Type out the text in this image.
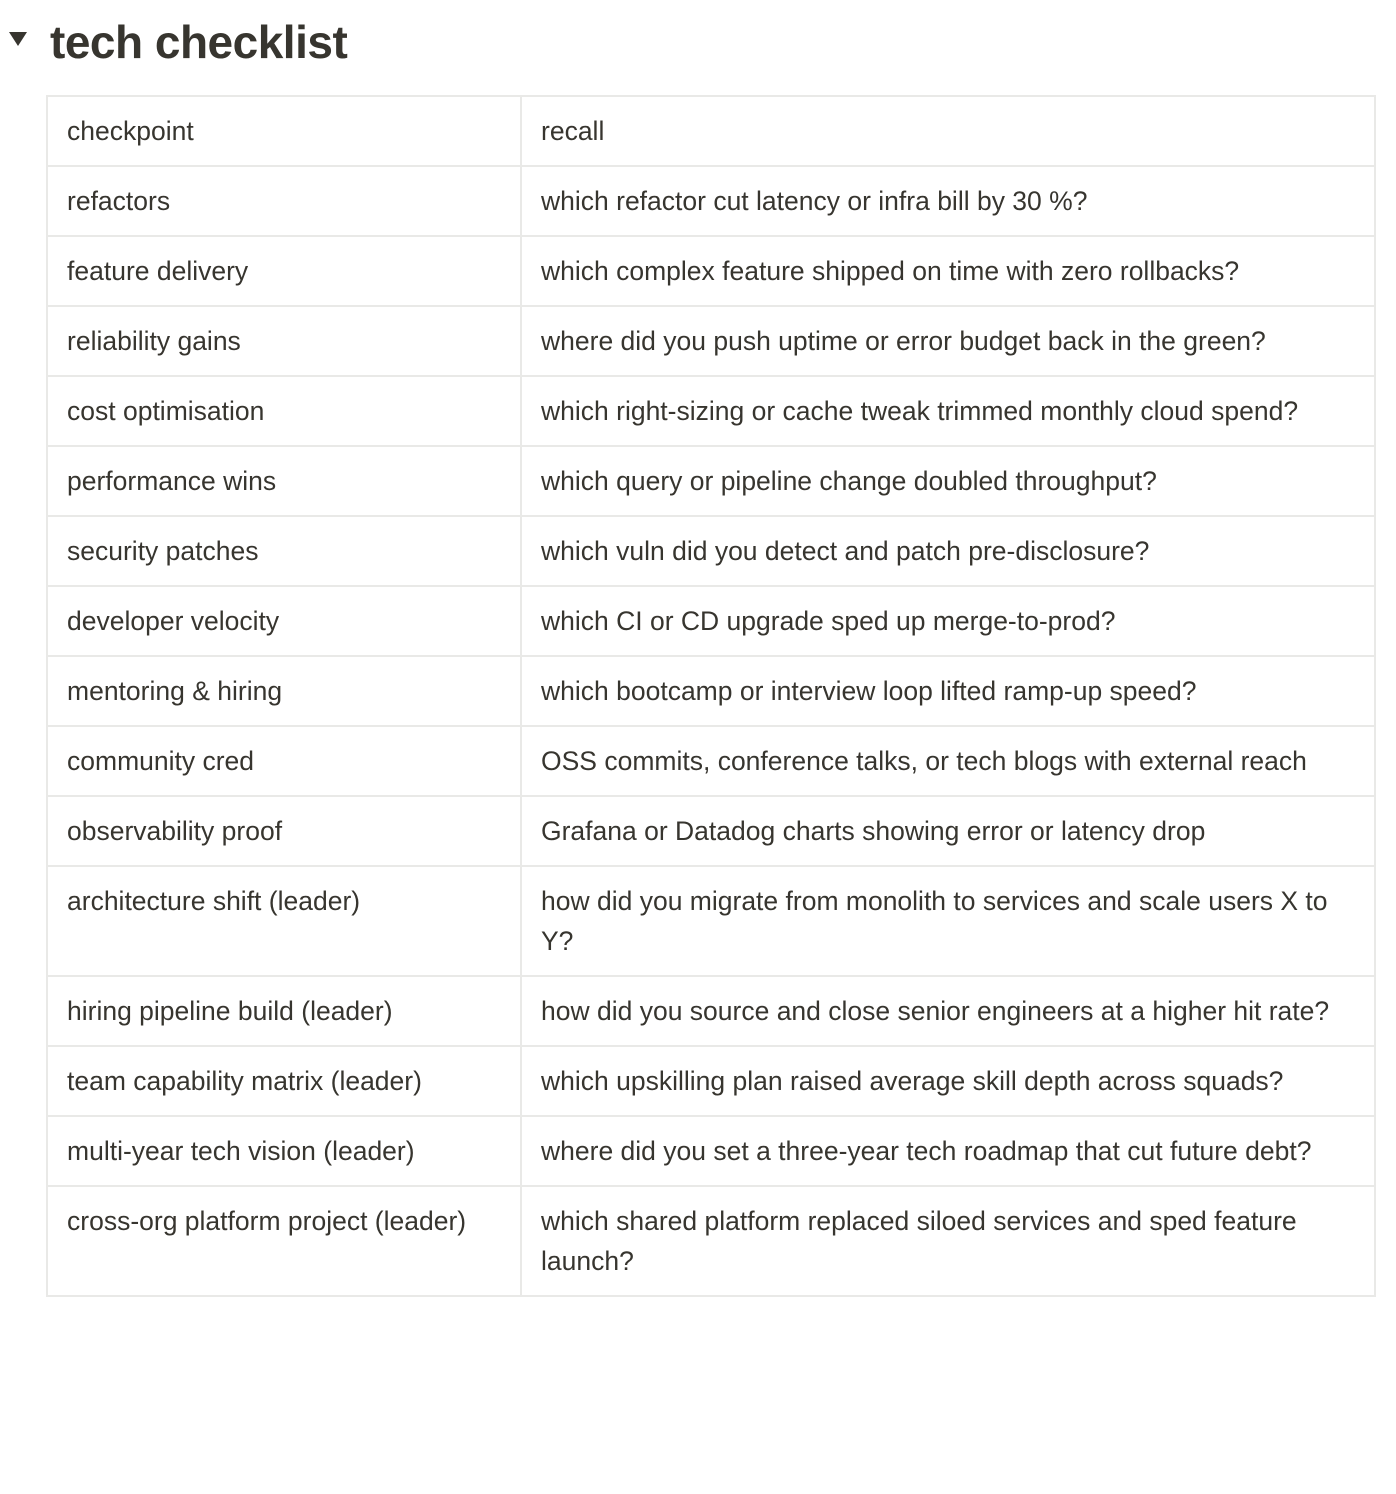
tech checklist
checkpoint	recall
refactors	which refactor cut latency or infra bill by 30 %?
feature delivery	which complex feature shipped on time with zero rollbacks?
reliability gains	where did you push uptime or error budget back in the green?
cost optimisation	which right-sizing or cache tweak trimmed monthly cloud spend?
performance wins	which query or pipeline change doubled throughput?
security patches	which vuln did you detect and patch pre-disclosure?
developer velocity	which CI or CD upgrade sped up merge-to-prod?
mentoring & hiring	which bootcamp or interview loop lifted ramp-up speed?
community cred	OSS commits, conference talks, or tech blogs with external reach
observability proof	Grafana or Datadog charts showing error or latency drop
architecture shift (leader)	how did you migrate from monolith to services and scale users X to Y?
hiring pipeline build (leader)	how did you source and close senior engineers at a higher hit rate?
team capability matrix (leader)	which upskilling plan raised average skill depth across squads?
multi-year tech vision (leader)	where did you set a three-year tech roadmap that cut future debt?
cross-org platform project (leader)	which shared platform replaced siloed services and sped feature launch?
